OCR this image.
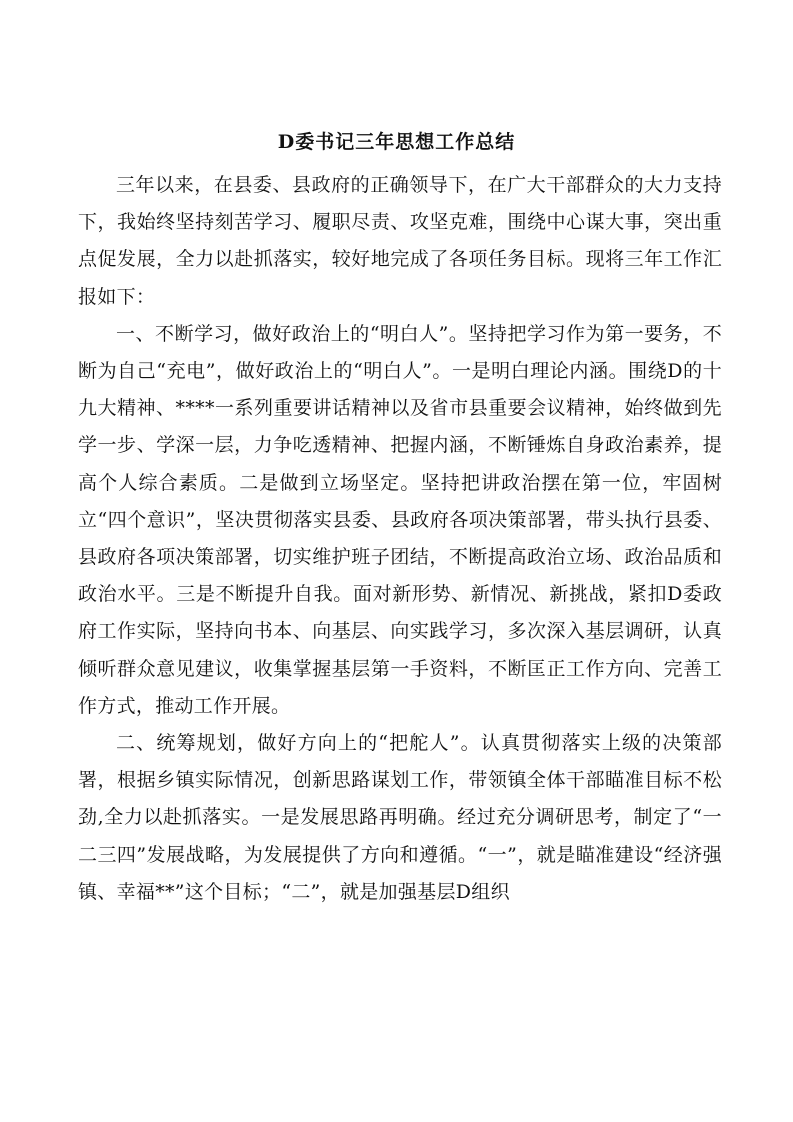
D委书记三年思想工作总结

三年以来，在县委、县政府的正确领导下，在广大干部群众的大力支持下，我始终坚持刻苦学习、履职尽责、攻坚克难，围绕中心谋大事，突出重点促发展，全力以赴抓落实，较好地完成了各项任务目标。现将三年工作汇报如下：

一、不断学习，做好政治上的“明白人”。坚持把学习作为第一要务，不断为自己“充电”，做好政治上的“明白人”。一是明白理论内涵。围绕D的十九大精神、****一系列重要讲话精神以及省市县重要会议精神，始终做到先学一步、学深一层，力争吃透精神、把握内涵，不断锤炼自身政治素养，提高个人综合素质。二是做到立场坚定。坚持把讲政治摆在第一位，牢固树立“四个意识”，坚决贯彻落实县委、县政府各项决策部署，带头执行县委、县政府各项决策部署，切实维护班子团结，不断提高政治立场、政治品质和政治水平。三是不断提升自我。面对新形势、新情况、新挑战，紧扣D委政府工作实际，坚持向书本、向基层、向实践学习，多次深入基层调研，认真倾听群众意见建议，收集掌握基层第一手资料，不断匡正工作方向、完善工作方式，推动工作开展。

二、统筹规划，做好方向上的“把舵人”。认真贯彻落实上级的决策部署，根据乡镇实际情况，创新思路谋划工作，带领镇全体干部瞄准目标不松劲,全力以赴抓落实。一是发展思路再明确。经过充分调研思考，制定了“一二三四”发展战略，为发展提供了方向和遵循。“一”，就是瞄准建设“经济强镇、幸福**”这个目标；“二”，就是加强基层D组织
